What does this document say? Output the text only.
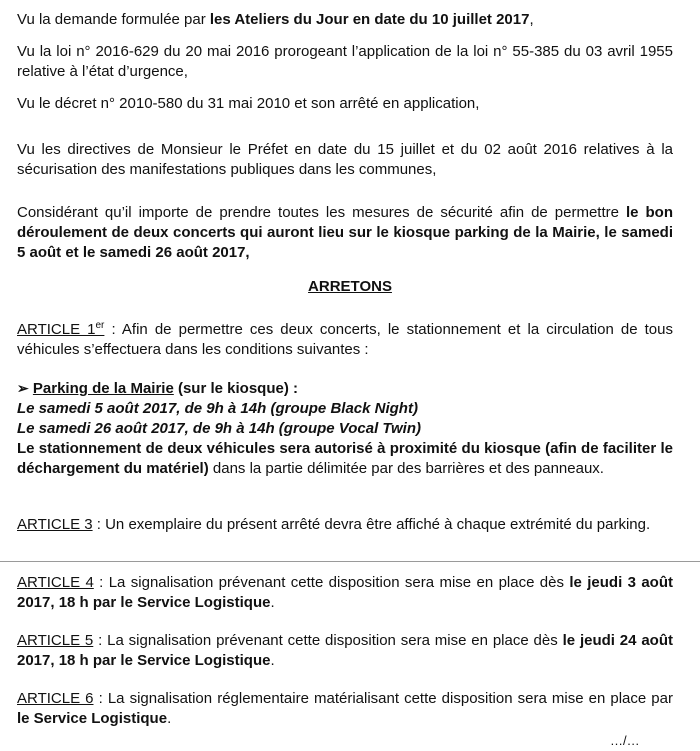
Vu la demande formulée par les Ateliers du Jour en date du 10 juillet 2017,

Vu la loi n° 2016-629 du 20 mai 2016 prorogeant l’application de la loi n° 55-385 du 03 avril 1955 relative à l’état d’urgence,

Vu le décret n° 2010-580 du 31 mai 2010 et son arrêté en application,

Vu les directives de Monsieur le Préfet en date du 15 juillet et du 02 août 2016 relatives à la sécurisation des manifestations publiques dans les communes,

Considérant qu’il importe de prendre toutes les mesures de sécurité afin de permettre le bon déroulement de deux concerts qui auront lieu sur le kiosque parking de la Mairie, le samedi 5 août et le samedi 26 août 2017,

ARRETONS

ARTICLE 1er : Afin de permettre ces deux concerts, le stationnement et la circulation de tous véhicules s’effectuera dans les conditions suivantes :

➢ Parking de la Mairie (sur le kiosque) :
Le samedi 5 août 2017, de 9h à 14h (groupe Black Night)
Le samedi 26 août 2017, de 9h à 14h (groupe Vocal Twin)
Le stationnement de deux véhicules sera autorisé à proximité du kiosque (afin de faciliter le déchargement du matériel) dans la partie délimitée par des barrières et des panneaux.

ARTICLE 3 : Un exemplaire du présent arrêté devra être affiché à chaque extrémité du parking.

ARTICLE 4 : La signalisation prévenant cette disposition sera mise en place dès le jeudi 3 août 2017, 18 h par le Service Logistique.

ARTICLE 5 : La signalisation prévenant cette disposition sera mise en place dès le jeudi 24 août 2017, 18 h par le Service Logistique.

ARTICLE 6 : La signalisation réglementaire matérialisant cette disposition sera mise en place par le Service Logistique.

…/…
